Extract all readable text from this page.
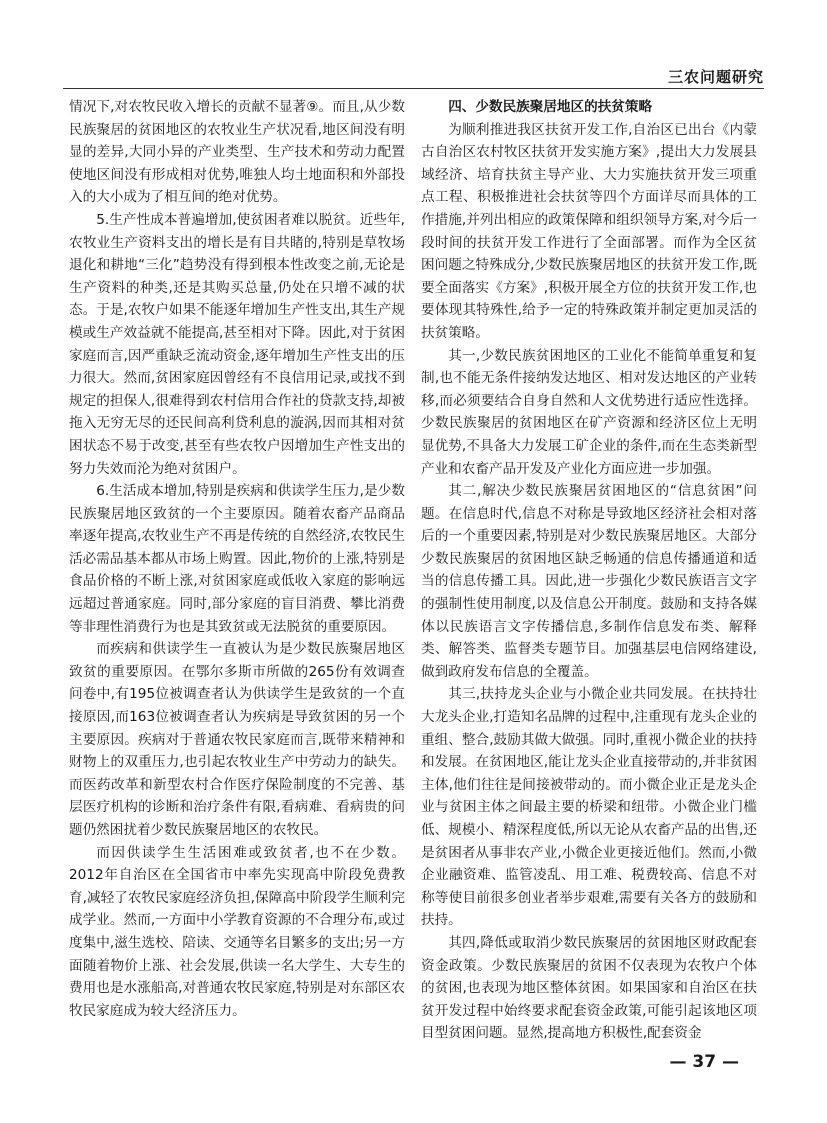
三农问题研究

情况下,对农牧民收入增长的贡献不显著⑨。而且,从少数民族聚居的贫困地区的农牧业生产状况看,地区间没有明显的差异,大同小异的产业类型、生产技术和劳动力配置使地区间没有形成相对优势,唯独人均土地面积和外部投入的大小成为了相互间的绝对优势。

5.生产性成本普遍增加,使贫困者难以脱贫。近些年,农牧业生产资料支出的增长是有目共睹的,特别是草牧场退化和耕地“三化”趋势没有得到根本性改变之前,无论是生产资料的种类,还是其购买总量,仍处在只增不减的状态。于是,农牧户如果不能逐年增加生产性支出,其生产规模或生产效益就不能提高,甚至相对下降。因此,对于贫困家庭而言,因严重缺乏流动资金,逐年增加生产性支出的压力很大。然而,贫困家庭因曾经有不良信用记录,或找不到规定的担保人,很难得到农村信用合作社的贷款支持,却被拖入无穷无尽的还民间高利贷利息的漩涡,因而其相对贫困状态不易于改变,甚至有些农牧户因增加生产性支出的努力失效而沦为绝对贫困户。

6.生活成本增加,特别是疾病和供读学生压力,是少数民族聚居地区致贫的一个主要原因。随着农畜产品商品率逐年提高,农牧业生产不再是传统的自然经济,农牧民生活必需品基本都从市场上购置。因此,物价的上涨,特别是食品价格的不断上涨,对贫困家庭或低收入家庭的影响远远超过普通家庭。同时,部分家庭的盲目消费、攀比消费等非理性消费行为也是其致贫或无法脱贫的重要原因。

而疾病和供读学生一直被认为是少数民族聚居地区致贫的重要原因。在鄂尔多斯市所做的265份有效调查问卷中,有195位被调查者认为供读学生是致贫的一个直接原因,而163位被调查者认为疾病是导致贫困的另一个主要原因。疾病对于普通农牧民家庭而言,既带来精神和财物上的双重压力,也引起农牧业生产中劳动力的缺失。而医药改革和新型农村合作医疗保险制度的不完善、基层医疗机构的诊断和治疗条件有限,看病难、看病贵的问题仍然困扰着少数民族聚居地区的农牧民。

而因供读学生生活困难或致贫者,也不在少数。2012年自治区在全国省市中率先实现高中阶段免费教育,减轻了农牧民家庭经济负担,保障高中阶段学生顺利完成学业。然而,一方面中小学教育资源的不合理分布,或过度集中,滋生选校、陪读、交通等名目繁多的支出;另一方面随着物价上涨、社会发展,供读一名大学生、大专生的费用也是水涨船高,对普通农牧民家庭,特别是对东部区农牧民家庭成为较大经济压力。

四、少数民族聚居地区的扶贫策略

为顺利推进我区扶贫开发工作,自治区已出台《内蒙古自治区农村牧区扶贫开发实施方案》,提出大力发展县域经济、培育扶贫主导产业、大力实施扶贫开发三项重点工程、积极推进社会扶贫等四个方面详尽而具体的工作措施,并列出相应的政策保障和组织领导方案,对今后一段时间的扶贫开发工作进行了全面部署。而作为全区贫困问题之特殊成分,少数民族聚居地区的扶贫开发工作,既要全面落实《方案》,积极开展全方位的扶贫开发工作,也要体现其特殊性,给予一定的特殊政策并制定更加灵活的扶贫策略。

其一,少数民族贫困地区的工业化不能简单重复和复制,也不能无条件接纳发达地区、相对发达地区的产业转移,而必须要结合自身自然和人文优势进行适应性选择。少数民族聚居的贫困地区在矿产资源和经济区位上无明显优势,不具备大力发展工矿企业的条件,而在生态类新型产业和农畜产品开发及产业化方面应进一步加强。

其二,解决少数民族聚居贫困地区的“信息贫困”问题。在信息时代,信息不对称是导致地区经济社会相对落后的一个重要因素,特别是对少数民族聚居地区。大部分少数民族聚居的贫困地区缺乏畅通的信息传播通道和适当的信息传播工具。因此,进一步强化少数民族语言文字的强制性使用制度,以及信息公开制度。鼓励和支持各媒体以民族语言文字传播信息,多制作信息发布类、解释类、解答类、监督类专题节目。加强基层电信网络建设,做到政府发布信息的全覆盖。

其三,扶持龙头企业与小微企业共同发展。在扶持壮大龙头企业,打造知名品牌的过程中,注重现有龙头企业的重组、整合,鼓励其做大做强。同时,重视小微企业的扶持和发展。在贫困地区,能让龙头企业直接带动的,并非贫困主体,他们往往是间接被带动的。而小微企业正是龙头企业与贫困主体之间最主要的桥梁和纽带。小微企业门槛低、规模小、精深程度低,所以无论从农畜产品的出售,还是贫困者从事非农产业,小微企业更接近他们。然而,小微企业融资难、监管凌乱、用工难、税费较高、信息不对称等使目前很多创业者举步艰难,需要有关各方的鼓励和扶持。

其四,降低或取消少数民族聚居的贫困地区财政配套资金政策。少数民族聚居的贫困不仅表现为农牧户个体的贫困,也表现为地区整体贫困。如果国家和自治区在扶贫开发过程中始终要求配套资金政策,可能引起该地区项目型贫困问题。显然,提高地方积极性,配套资金

— 37 —
